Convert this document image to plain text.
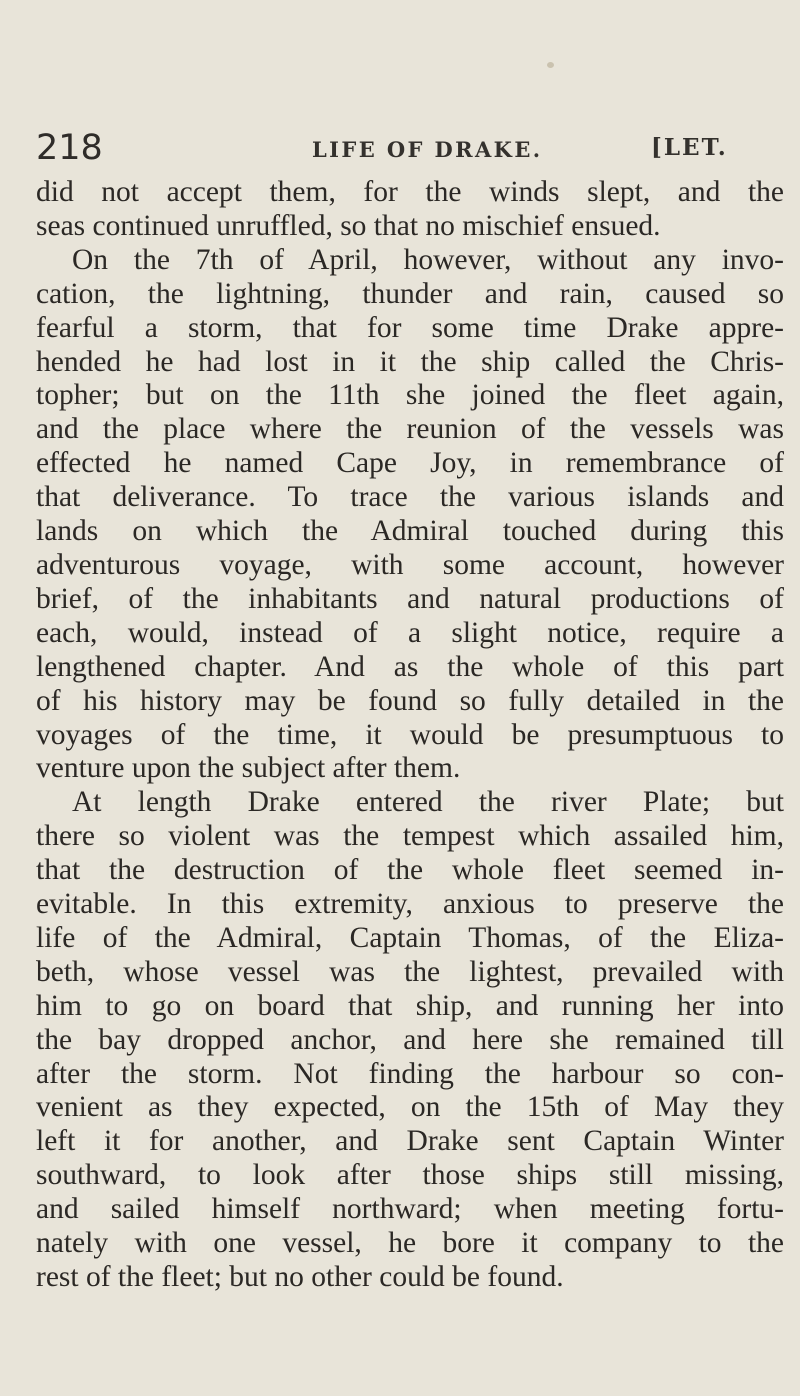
218	LIFE OF DRAKE.	[LET.
did not accept them, for the winds slept, and the
seas continued unruffled, so that no mischief ensued.
On the 7th of April, however, without any invo-
cation, the lightning, thunder and rain, caused so
fearful a storm, that for some time Drake appre-
hended he had lost in it the ship called the Chris-
topher; but on the 11th she joined the fleet again,
and the place where the reunion of the vessels was
effected he named Cape Joy, in remembrance of
that deliverance. To trace the various islands and
lands on which the Admiral touched during this
adventurous voyage, with some account, however
brief, of the inhabitants and natural productions of
each, would, instead of a slight notice, require a
lengthened chapter. And as the whole of this part
of his history may be found so fully detailed in the
voyages of the time, it would be presumptuous to
venture upon the subject after them.
At length Drake entered the river Plate; but
there so violent was the tempest which assailed him,
that the destruction of the whole fleet seemed in-
evitable. In this extremity, anxious to preserve the
life of the Admiral, Captain Thomas, of the Eliza-
beth, whose vessel was the lightest, prevailed with
him to go on board that ship, and running her into
the bay dropped anchor, and here she remained till
after the storm. Not finding the harbour so con-
venient as they expected, on the 15th of May they
left it for another, and Drake sent Captain Winter
southward, to look after those ships still missing,
and sailed himself northward; when meeting fortu-
nately with one vessel, he bore it company to the
rest of the fleet; but no other could be found.
